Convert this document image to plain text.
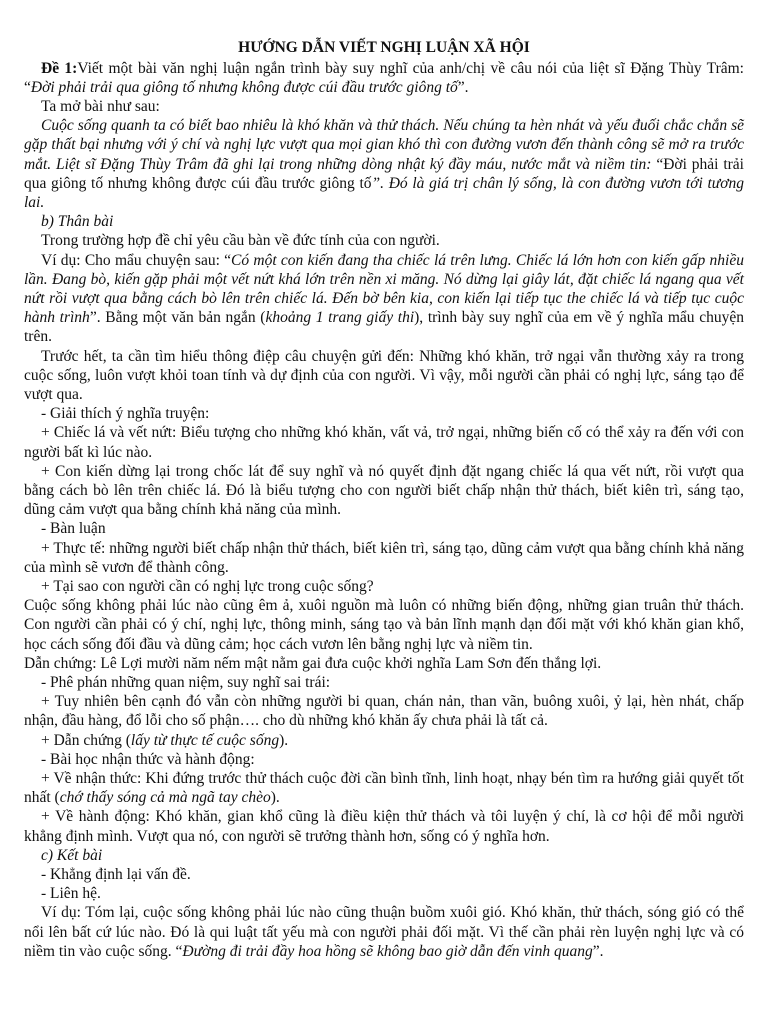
HƯỚNG DẪN VIẾT NGHỊ LUẬN XÃ HỘI

Đề 1:Viết một bài văn nghị luận ngắn trình bày suy nghĩ của anh/chị về câu nói của liệt sĩ Đặng Thùy Trâm: “Đời phải trải qua giông tố nhưng không được cúi đầu trước giông tố”.

Ta mở bài như sau:

Cuộc sống quanh ta có biết bao nhiêu là khó khăn và thử thách. Nếu chúng ta hèn nhát và yếu đuối chắc chắn sẽ gặp thất bại nhưng với ý chí và nghị lực vượt qua mọi gian khó thì con đường vươn đến thành công sẽ mở ra trước mắt. Liệt sĩ Đặng Thùy Trâm đã ghi lại trong những dòng nhật ký đầy máu, nước mắt và niềm tin: “Đời phải trải qua giông tố nhưng không được cúi đầu trước giông tố”. Đó là giá trị chân lý sống, là con đường vươn tới tương lai.

b) Thân bài

Trong trường hợp đề chỉ yêu cầu bàn về đức tính của con người.

Ví dụ: Cho mẩu chuyện sau: “Có một con kiến đang tha chiếc lá trên lưng. Chiếc lá lớn hơn con kiến gấp nhiều lần. Đang bò, kiến gặp phải một vết nứt khá lớn trên nền xi măng. Nó dừng lại giây lát, đặt chiếc lá ngang qua vết nứt rồi vượt qua bằng cách bò lên trên chiếc lá. Đến bờ bên kia, con kiến lại tiếp tục the chiếc lá và tiếp tục cuộc hành trình”. Bằng một văn bản ngắn (khoảng 1 trang giấy thi), trình bày suy nghĩ của em về ý nghĩa mẩu chuyện trên.

Trước hết, ta cần tìm hiểu thông điệp câu chuyện gửi đến: Những khó khăn, trở ngại vẫn thường xảy ra trong cuộc sống, luôn vượt khỏi toan tính và dự định của con người. Vì vậy, mỗi người cần phải có nghị lực, sáng tạo để vượt qua.

- Giải thích ý nghĩa truyện:

+ Chiếc lá và vết nứt: Biểu tượng cho những khó khăn, vất vả, trở ngại, những biến cố có thể xảy ra đến với con người bất kì lúc nào.

+ Con kiến dừng lại trong chốc lát để suy nghĩ và nó quyết định đặt ngang chiếc lá qua vết nứt, rồi vượt qua bằng cách bò lên trên chiếc lá. Đó là biểu tượng cho con người biết chấp nhận thử thách, biết kiên trì, sáng tạo, dũng cảm vượt qua bằng chính khả năng của mình.

- Bàn luận

+ Thực tế: những người biết chấp nhận thử thách, biết kiên trì, sáng tạo, dũng cảm vượt qua bằng chính khả năng của mình sẽ vươn để thành công.

+ Tại sao con người cần có nghị lực trong cuộc sống?

Cuộc sống không phải lúc nào cũng êm ả, xuôi nguồn mà luôn có những biến động, những gian truân thử thách. Con người cần phải có ý chí, nghị lực, thông minh, sáng tạo và bản lĩnh mạnh dạn đối mặt với khó khăn gian khổ, học cách sống đối đầu và dũng cảm; học cách vươn lên bằng nghị lực và niềm tin.

Dẫn chứng: Lê Lợi mười năm nếm mật nằm gai đưa cuộc khởi nghĩa Lam Sơn đến thắng lợi.

- Phê phán những quan niệm, suy nghĩ sai trái:

+ Tuy nhiên bên cạnh đó vẫn còn những người bi quan, chán nản, than vãn, buông xuôi, ỷ lại, hèn nhát, chấp nhận, đầu hàng, đổ lỗi cho số phận…. cho dù những khó khăn ấy chưa phải là tất cả.

+ Dẫn chứng (lấy từ thực tế cuộc sống).

- Bài học nhận thức và hành động:

+ Về nhận thức: Khi đứng trước thử thách cuộc đời cần bình tĩnh, linh hoạt, nhạy bén tìm ra hướng giải quyết tốt nhất (chớ thấy sóng cả mà ngã tay chèo).

+ Về hành động: Khó khăn, gian khổ cũng là điều kiện thử thách và tôi luyện ý chí, là cơ hội để mỗi người khẳng định mình. Vượt qua nó, con người sẽ trưởng thành hơn, sống có ý nghĩa hơn.

c) Kết bài

- Khẳng định lại vấn đề.

- Liên hệ.

Ví dụ: Tóm lại, cuộc sống không phải lúc nào cũng thuận buồm xuôi gió. Khó khăn, thử thách, sóng gió có thể nổi lên bất cứ lúc nào. Đó là qui luật tất yếu mà con người phải đối mặt. Vì thế cần phải rèn luyện nghị lực và có niềm tin vào cuộc sống. “Đường đi trải đầy hoa hồng sẽ không bao giờ dẫn đến vinh quang”.
